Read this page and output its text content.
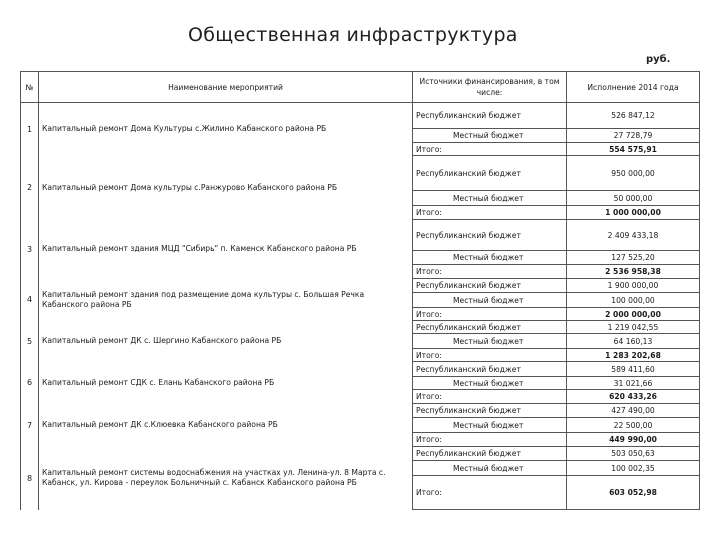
Общественная инфраструктура
руб.
№	Наименование мероприятий	Источники финансирования, в том числе:	Исполнение 2014 года
1	Капитальный ремонт Дома Культуры с.Жилино Кабанского района РБ	Республиканский бюджет	526 847,12
		Местный бюджет	27 728,79
		Итого:	554 575,91
2	Капитальный ремонт Дома культуры с.Ранжурово Кабанского района РБ	Республиканский бюджет	950 000,00
		Местный бюджет	50 000,00
		Итого:	1 000 000,00
3	Капитальный ремонт здания МЦД "Сибирь" п. Каменск Кабанского района РБ	Республиканский бюджет	2 409 433,18
		Местный бюджет	127 525,20
		Итого:	2 536 958,38
4	Капитальный ремонт здания под размещение дома культуры с. Большая Речка Кабанского района РБ	Республиканский бюджет	1 900 000,00
		Местный бюджет	100 000,00
		Итого:	2 000 000,00
5	Капитальный ремонт ДК с. Шергино Кабанского района РБ	Республиканский бюджет	1 219 042,55
		Местный бюджет	64 160,13
		Итого:	1 283 202,68
6	Капитальный ремонт СДК с. Елань Кабанского района РБ	Республиканский бюджет	589 411,60
		Местный бюджет	31 021,66
		Итого:	620 433,26
7	Капитальный ремонт ДК с.Клюевка Кабанского района РБ	Республиканский бюджет	427 490,00
		Местный бюджет	22 500,00
		Итого:	449 990,00
8	Капитальный ремонт системы водоснабжения на участках ул. Ленина-ул. 8 Марта с. Кабанск, ул. Кирова - переулок Больничный с. Кабанск Кабанского района РБ	Республиканский бюджет	503 050,63
		Местный бюджет	100 002,35
		Итого:	603 052,98
